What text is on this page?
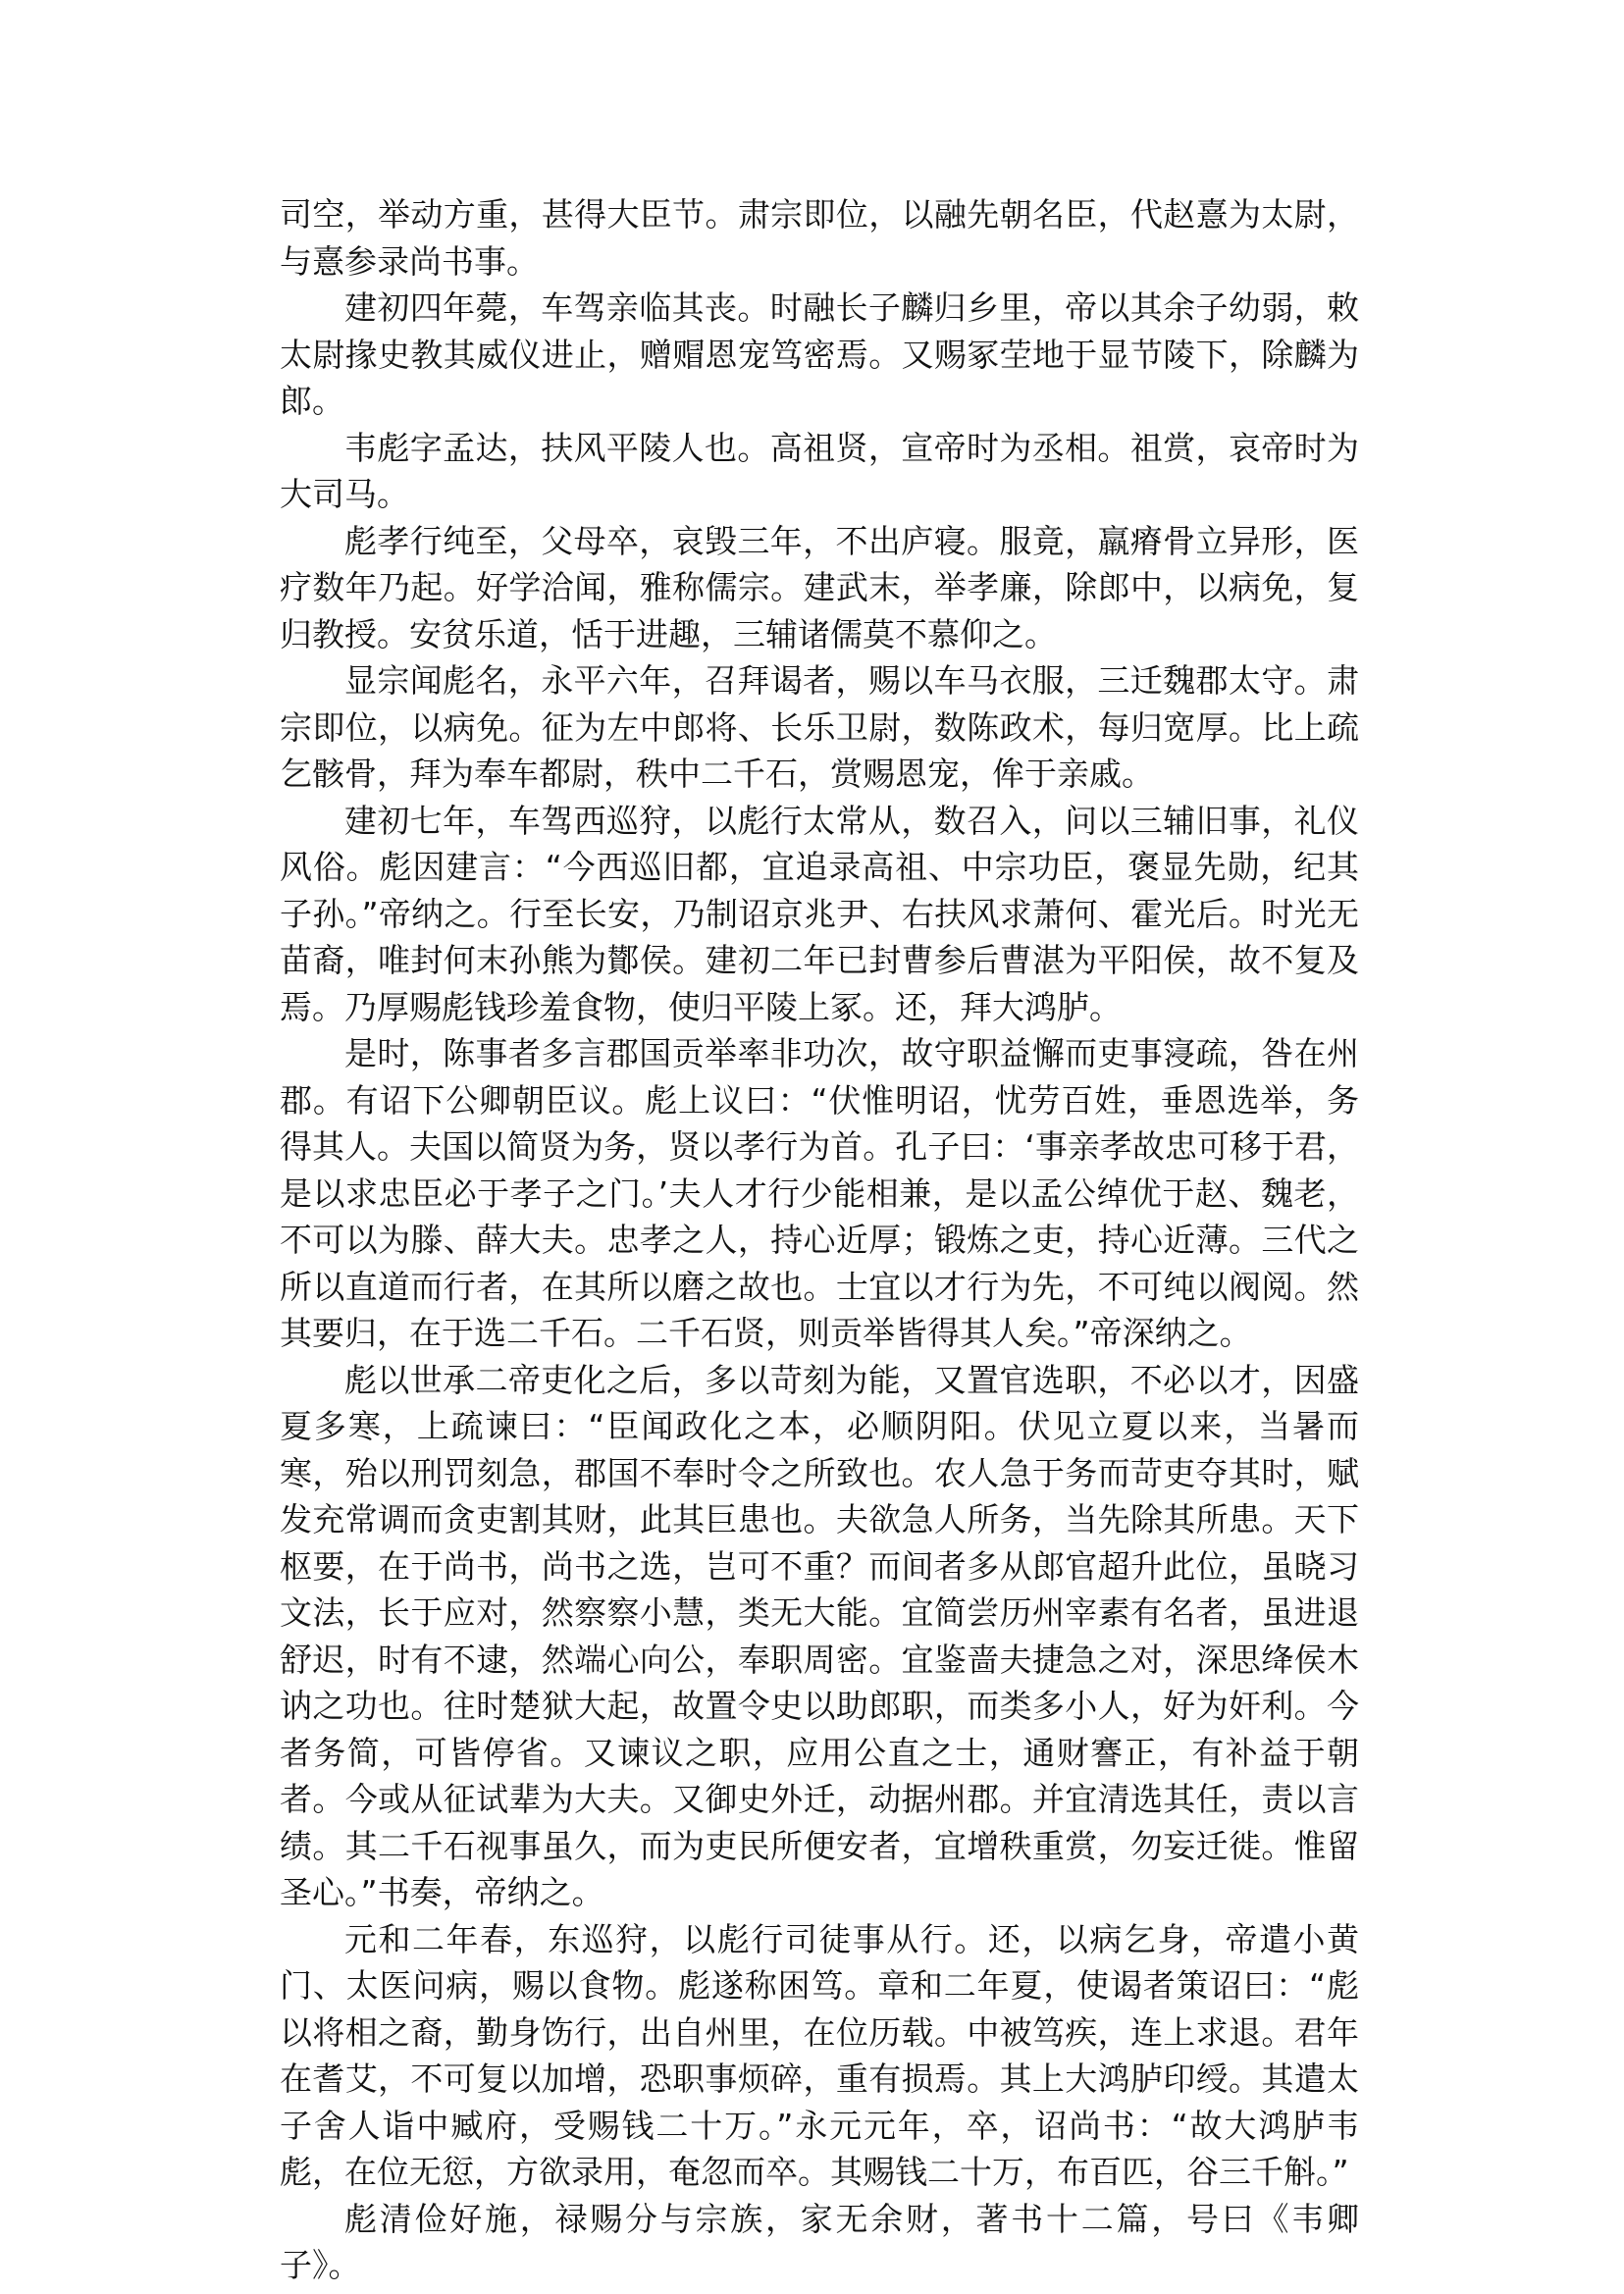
司空，举动方重，甚得大臣节。肃宗即位，以融先朝名臣，代赵憙为太尉，与憙参录尚书事。

建初四年薨，车驾亲临其丧。时融长子麟归乡里，帝以其余子幼弱，敕太尉掾史教其威仪进止，赠赗恩宠笃密焉。又赐冢茔地于显节陵下，除麟为郎。

韦彪字孟达，扶风平陵人也。高祖贤，宣帝时为丞相。祖赏，哀帝时为大司马。

彪孝行纯至，父母卒，哀毁三年，不出庐寝。服竟，羸瘠骨立异形，医疗数年乃起。好学洽闻，雅称儒宗。建武末，举孝廉，除郎中，以病免，复归教授。安贫乐道，恬于进趣，三辅诸儒莫不慕仰之。

显宗闻彪名，永平六年，召拜谒者，赐以车马衣服，三迁魏郡太守。肃宗即位，以病免。征为左中郎将、长乐卫尉，数陈政术，每归宽厚。比上疏乞骸骨，拜为奉车都尉，秩中二千石，赏赐恩宠，侔于亲戚。

建初七年，车驾西巡狩，以彪行太常从，数召入，问以三辅旧事，礼仪风俗。彪因建言：“今西巡旧都，宜追录高祖、中宗功臣，褒显先勋，纪其子孙。”帝纳之。行至长安，乃制诏京兆尹、右扶风求萧何、霍光后。时光无苗裔，唯封何末孙熊为鄼侯。建初二年已封曹参后曹湛为平阳侯，故不复及焉。乃厚赐彪钱珍羞食物，使归平陵上冢。还，拜大鸿胪。

是时，陈事者多言郡国贡举率非功次，故守职益懈而吏事寖疏，咎在州郡。有诏下公卿朝臣议。彪上议曰：“伏惟明诏，忧劳百姓，垂恩选举，务得其人。夫国以简贤为务，贤以孝行为首。孔子曰：‘事亲孝故忠可移于君，是以求忠臣必于孝子之门。’夫人才行少能相兼，是以孟公绰优于赵、魏老，不可以为滕、薛大夫。忠孝之人，持心近厚；锻炼之吏，持心近薄。三代之所以直道而行者，在其所以磨之故也。士宜以才行为先，不可纯以阀阅。然其要归，在于选二千石。二千石贤，则贡举皆得其人矣。”帝深纳之。

彪以世承二帝吏化之后，多以苛刻为能，又置官选职，不必以才，因盛夏多寒，上疏谏曰：“臣闻政化之本，必顺阴阳。伏见立夏以来，当暑而寒，殆以刑罚刻急，郡国不奉时令之所致也。农人急于务而苛吏夺其时，赋发充常调而贪吏割其财，此其巨患也。夫欲急人所务，当先除其所患。天下枢要，在于尚书，尚书之选，岂可不重？而间者多从郎官超升此位，虽晓习文法，长于应对，然察察小慧，类无大能。宜简尝历州宰素有名者，虽进退舒迟，时有不逮，然端心向公，奉职周密。宜鉴啬夫捷急之对，深思绛侯木讷之功也。往时楚狱大起，故置令史以助郎职，而类多小人，好为奸利。今者务简，可皆停省。又谏议之职，应用公直之士，通财謇正，有补益于朝者。今或从征试辈为大夫。又御史外迁，动据州郡。并宜清选其任，责以言绩。其二千石视事虽久，而为吏民所便安者，宜增秩重赏，勿妄迁徙。惟留圣心。”书奏，帝纳之。

元和二年春，东巡狩，以彪行司徒事从行。还，以病乞身，帝遣小黄门、太医问病，赐以食物。彪遂称困笃。章和二年夏，使谒者策诏曰：“彪以将相之裔，勤身饬行，出自州里，在位历载。中被笃疾，连上求退。君年在耆艾，不可复以加增，恐职事烦碎，重有损焉。其上大鸿胪印绶。其遣太子舍人诣中臧府，受赐钱二十万。”永元元年，卒，诏尚书：“故大鸿胪韦彪，在位无愆，方欲录用，奄忽而卒。其赐钱二十万，布百匹，谷三千斛。”

彪清俭好施，禄赐分与宗族，家无余财，著书十二篇，号曰《韦卿子》。
